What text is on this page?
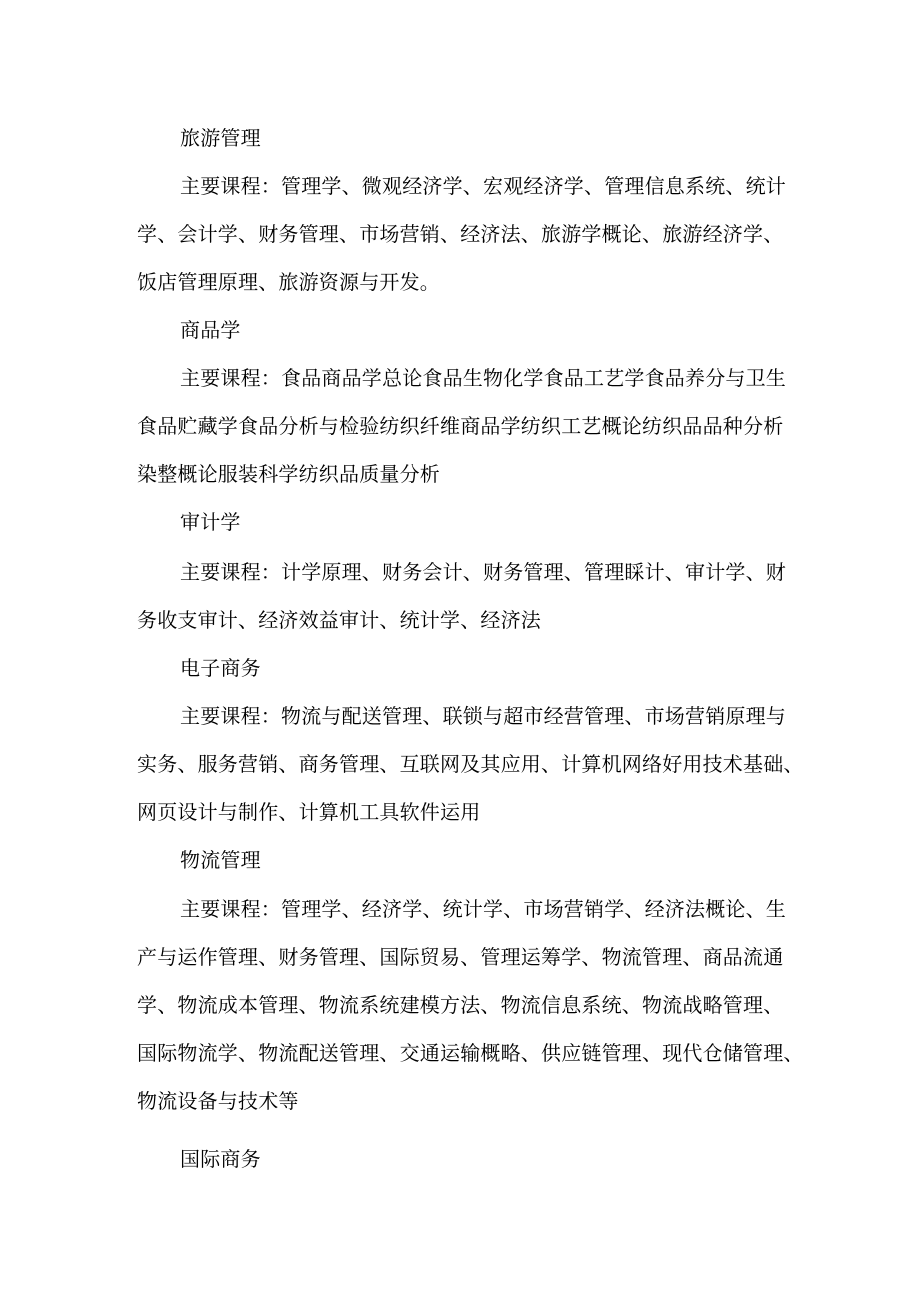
旅游管理

主要课程：管理学、微观经济学、宏观经济学、管理信息系统、统计

学、会计学、财务管理、市场营销、经济法、旅游学概论、旅游经济学、

饭店管理原理、旅游资源与开发。

商品学

主要课程：食品商品学总论食品生物化学食品工艺学食品养分与卫生

食品贮藏学食品分析与检验纺织纤维商品学纺织工艺概论纺织品品种分析

染整概论服装科学纺织品质量分析

审计学

主要课程：计学原理、财务会计、财务管理、管理睬计、审计学、财

务收支审计、经济效益审计、统计学、经济法

电子商务

主要课程：物流与配送管理、联锁与超市经营管理、市场营销原理与

实务、服务营销、商务管理、互联网及其应用、计算机网络好用技术基础、

网页设计与制作、计算机工具软件运用

物流管理

主要课程：管理学、经济学、统计学、市场营销学、经济法概论、生

产与运作管理、财务管理、国际贸易、管理运筹学、物流管理、商品流通

学、物流成本管理、物流系统建模方法、物流信息系统、物流战略管理、

国际物流学、物流配送管理、交通运输概略、供应链管理、现代仓储管理、

物流设备与技术等

国际商务
